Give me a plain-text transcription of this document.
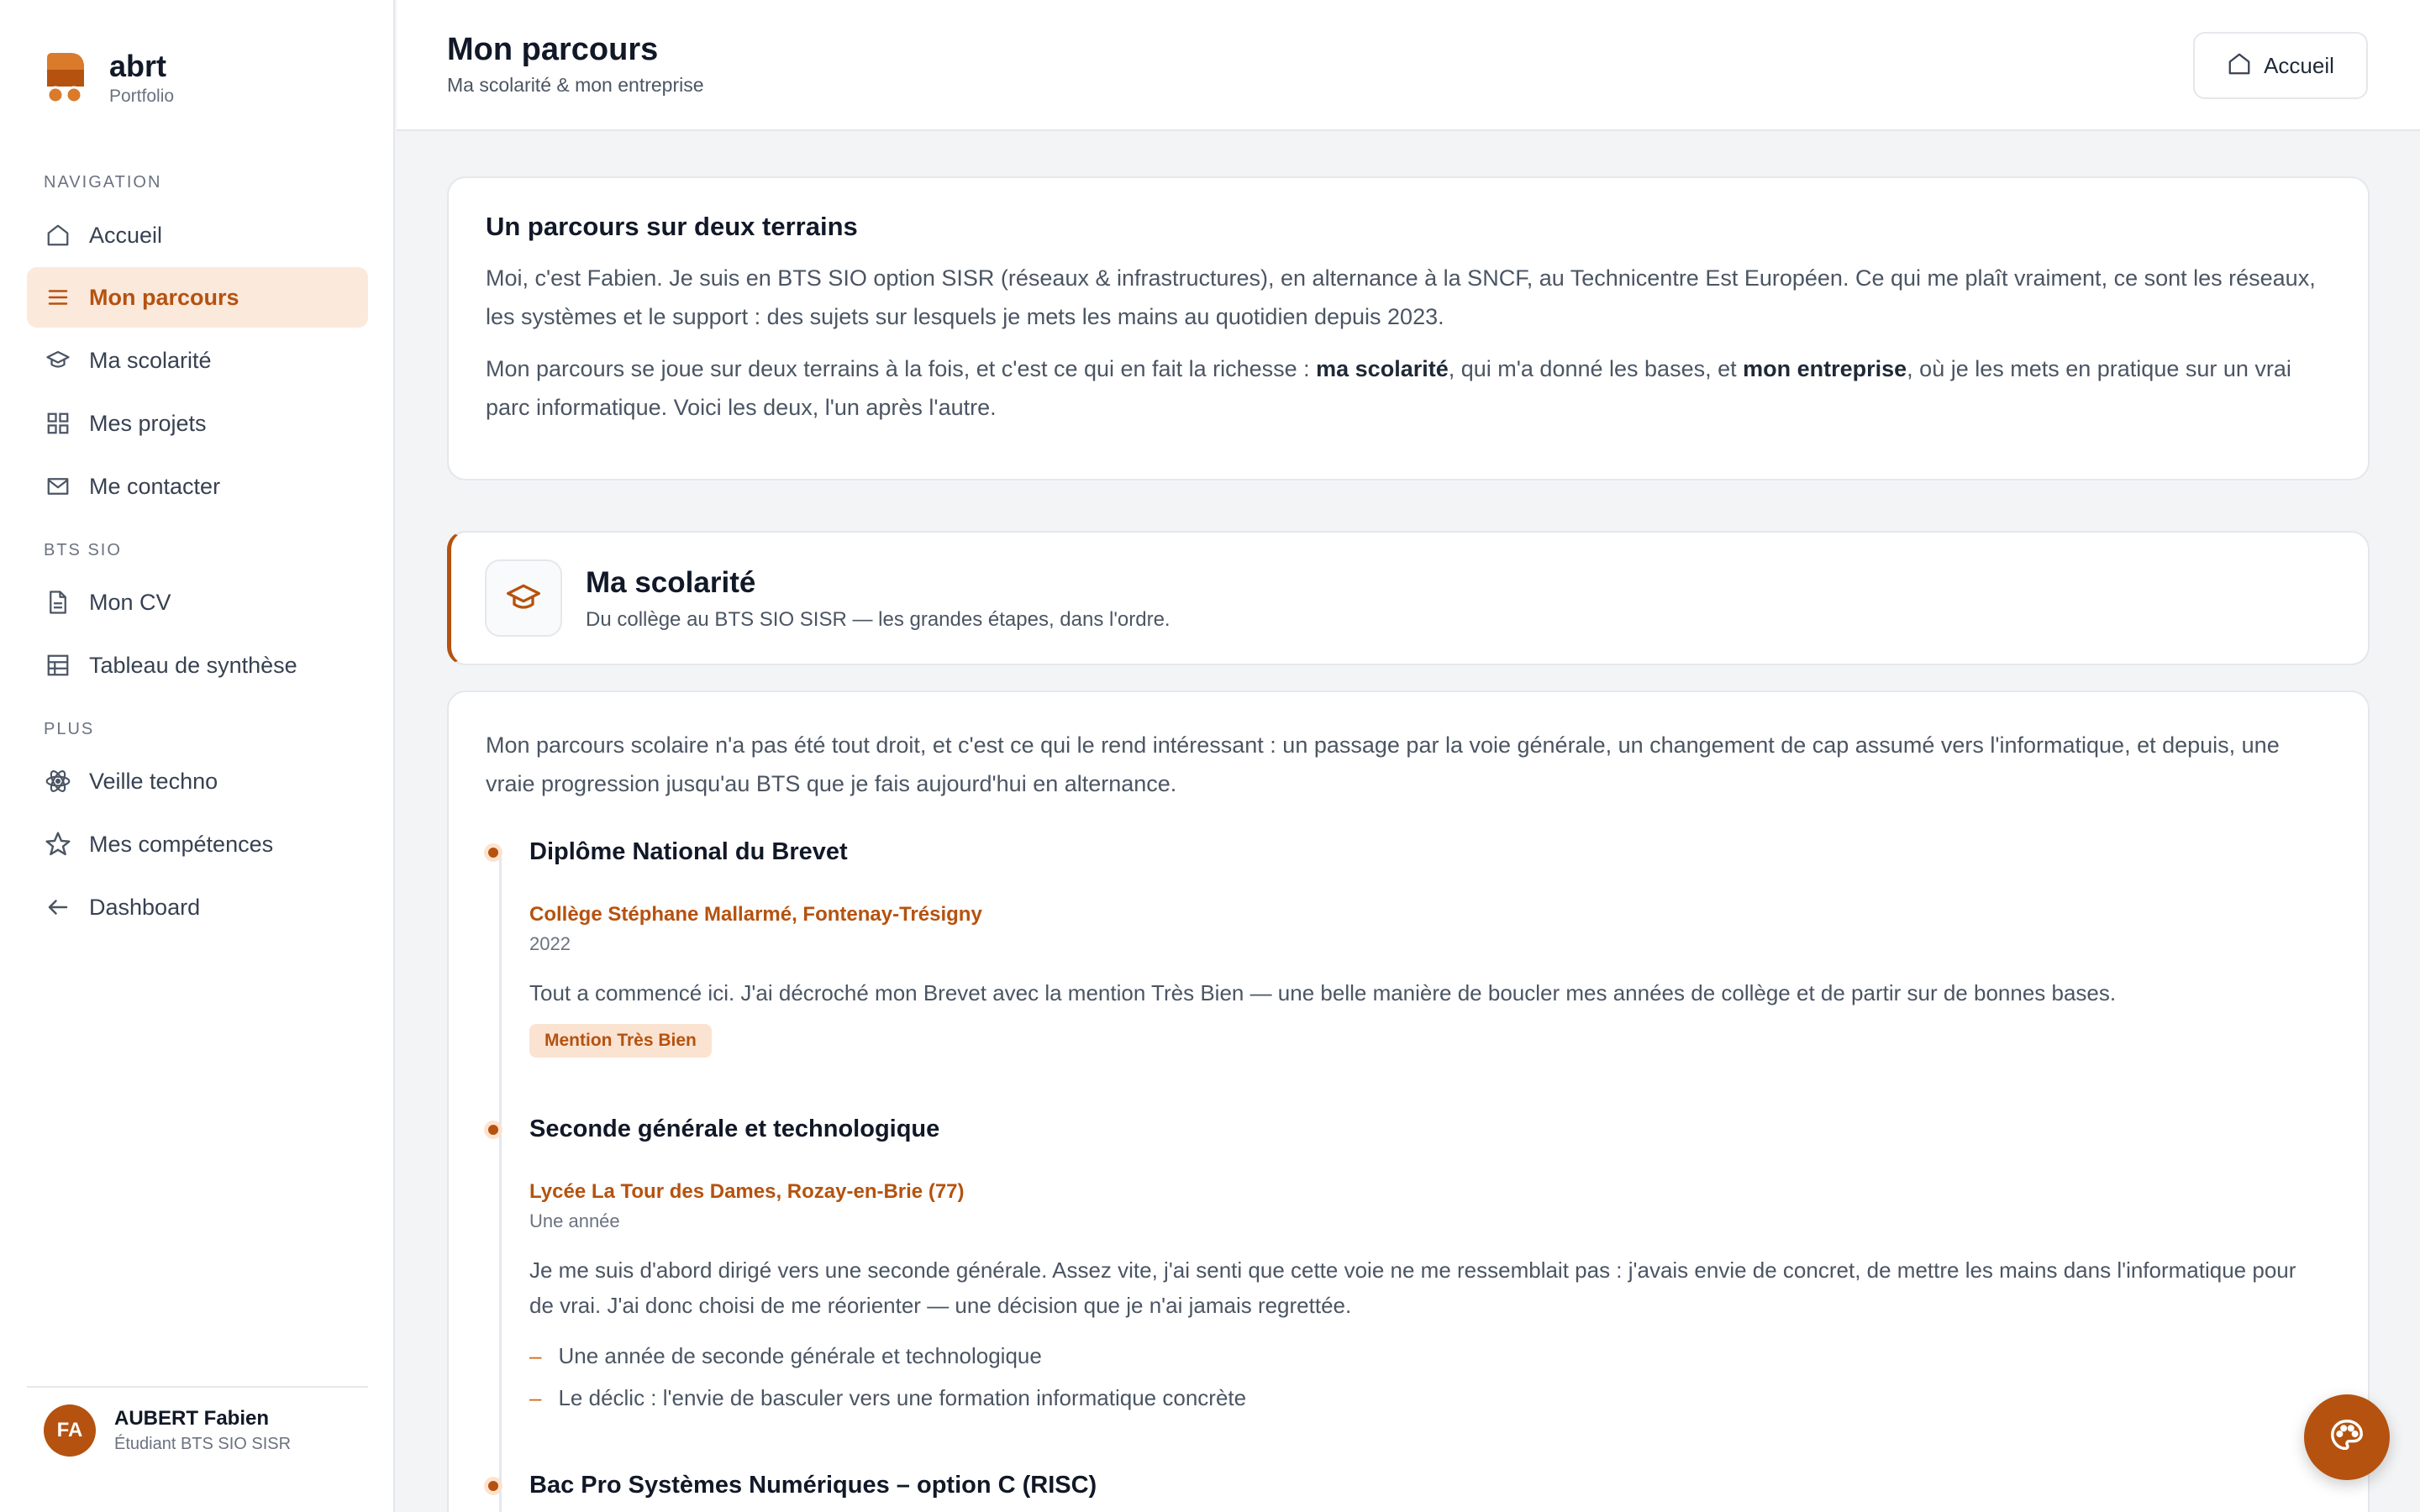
abrt
Portfolio
NAVIGATION
Accueil
Mon parcours
Ma scolarité
Mes projets
Me contacter
BTS SIO
Mon CV
Tableau de synthèse
PLUS
Veille techno
Mes compétences
Dashboard
FA
AUBERT Fabien
Étudiant BTS SIO SISR
Mon parcours
Ma scolarité & mon entreprise
Accueil
Un parcours sur deux terrains

Moi, c'est Fabien. Je suis en BTS SIO option SISR (réseaux & infrastructures), en alternance à la SNCF, au Technicentre Est Européen. Ce qui me plaît vraiment, ce sont les réseaux, les systèmes et le support : des sujets sur lesquels je mets les mains au quotidien depuis 2023.

Mon parcours se joue sur deux terrains à la fois, et c'est ce qui en fait la richesse : ma scolarité, qui m'a donné les bases, et mon entreprise, où je les mets en pratique sur un vrai parc informatique. Voici les deux, l'un après l'autre.

Ma scolarité
Du collège au BTS SIO SISR — les grandes étapes, dans l'ordre.

Mon parcours scolaire n'a pas été tout droit, et c'est ce qui le rend intéressant : un passage par la voie générale, un changement de cap assumé vers l'informatique, et depuis, une vraie progression jusqu'au BTS que je fais aujourd'hui en alternance.

Diplôme National du Brevet
Collège Stéphane Mallarmé, Fontenay-Trésigny
2022
Tout a commencé ici. J'ai décroché mon Brevet avec la mention Très Bien — une belle manière de boucler mes années de collège et de partir sur de bonnes bases.
Mention Très Bien
Seconde générale et technologique
Lycée La Tour des Dames, Rozay-en-Brie (77)
Une année
Je me suis d'abord dirigé vers une seconde générale. Assez vite, j'ai senti que cette voie ne me ressemblait pas : j'avais envie de concret, de mettre les mains dans l'informatique pour de vrai. J'ai donc choisi de me réorienter — une décision que je n'ai jamais regrettée.
– Une année de seconde générale et technologique
– Le déclic : l'envie de basculer vers une formation informatique concrète
Bac Pro Systèmes Numériques – option C (RISC)
